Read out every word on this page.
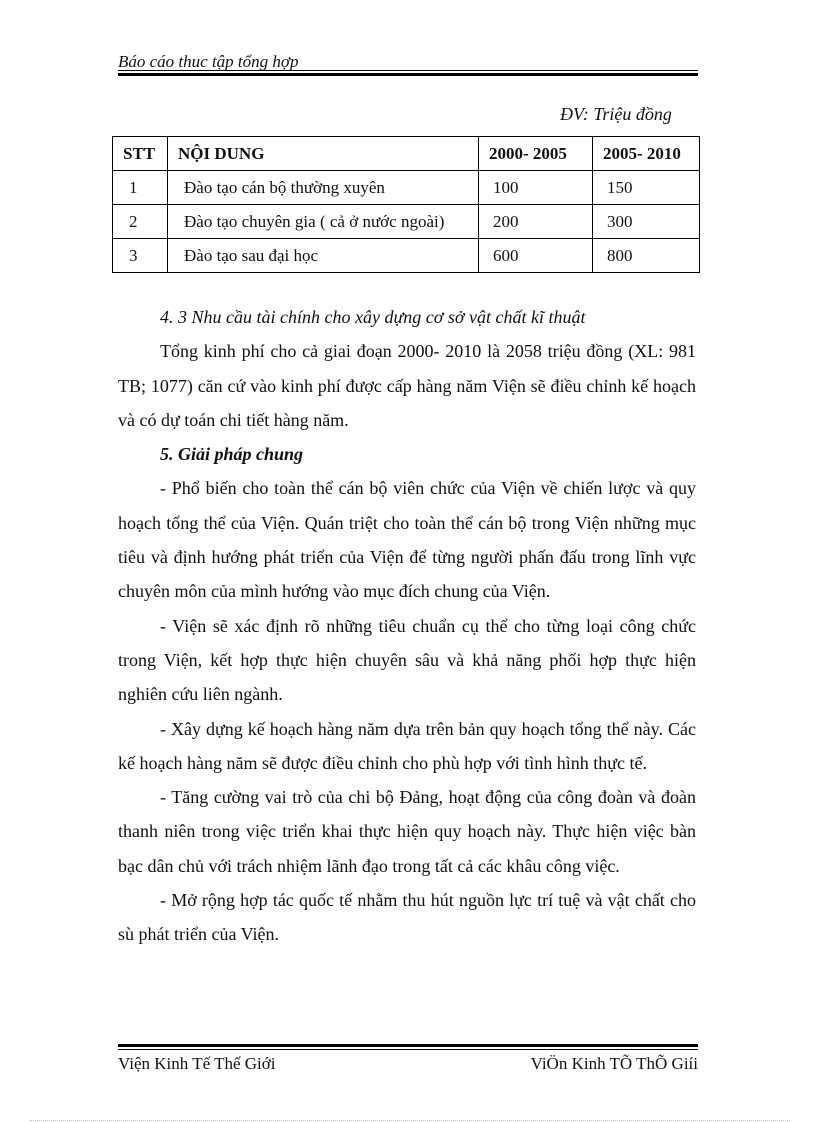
Báo cáo thuc tập tổng hợp
ĐV: Triệu đồng
STT	NỘI DUNG	2000- 2005	2005- 2010
1	Đào tạo cán bộ thường xuyên	100	150
2	Đào tạo chuyên gia ( cả ở nước ngoài)	200	300
3	Đào tạo sau đại học	600	800

4. 3 Nhu cầu tài chính cho xây dựng cơ sở vật chất kĩ thuật

Tổng kinh phí cho cả giai đoạn 2000- 2010 là 2058 triệu đồng (XL: 981 TB; 1077) căn cứ vào kinh phí được cấp hàng năm Viện sẽ điều chỉnh kế hoạch và có dự toán chi tiết hàng năm.

5. Giải pháp chung

- Phổ biến cho toàn thể cán bộ viên chức của Viện về chiến lược và quy hoạch tổng thể của Viện. Quán triệt cho toàn thể cán bộ trong Viện những mục tiêu và định hướng phát triển của Viện để từng người phấn đấu trong lĩnh vực chuyên môn của mình hướng vào mục đích chung của Viện.

- Viện sẽ xác định rõ những tiêu chuẩn cụ thể cho từng loại công chức trong Viện, kết hợp thực hiện chuyên sâu và khả năng phối hợp thực hiện nghiên cứu liên ngành.

- Xây dựng kế hoạch hàng năm dựa trên bản quy hoạch tổng thể này. Các kế hoạch hàng năm sẽ được điều chỉnh cho phù hợp với tình hình thực tế.

- Tăng cường vai trò của chi bộ Đảng, hoạt động của công đoàn và đoàn thanh niên trong việc triển khai thực hiện quy hoạch này. Thực hiện việc bàn bạc dân chủ với trách nhiệm lãnh đạo trong tất cả các khâu công việc.

- Mở rộng hợp tác quốc tế nhằm thu hút nguồn lực trí tuệ và vật chất cho sù phát triển của Viện.

Viện Kinh Tế Thế Giới	ViÖn Kinh TÕ ThÕ Giíi
